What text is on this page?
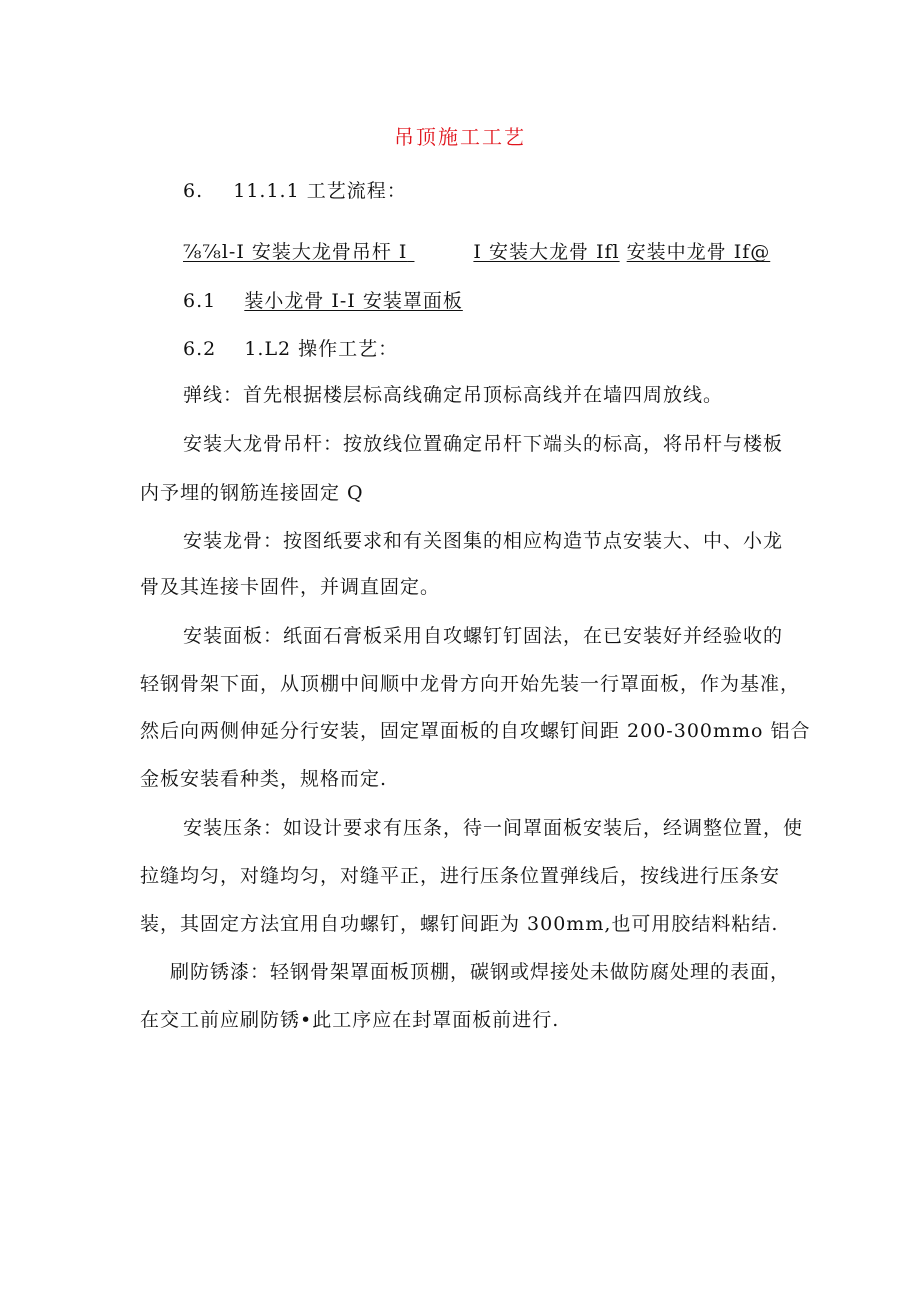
吊顶施工工艺
6. 11.1.1 工艺流程：
⅞⅞l-I 安装大龙骨吊杆 I	I 安装大龙骨 Ifl 安装中龙骨 If@
6.1 装小龙骨 I-I 安装罩面板
6.2 1.L2 操作工艺：
弹线：首先根据楼层标高线确定吊顶标高线并在墙四周放线。
安装大龙骨吊杆：按放线位置确定吊杆下端头的标高，将吊杆与楼板
内予埋的钢筋连接固定 Q
安装龙骨：按图纸要求和有关图集的相应构造节点安装大、中、小龙
骨及其连接卡固件，并调直固定。
安装面板：纸面石膏板采用自攻螺钉钉固法，在已安装好并经验收的
轻钢骨架下面，从顶棚中间顺中龙骨方向开始先装一行罩面板，作为基准，
然后向两侧伸延分行安装，固定罩面板的自攻螺钉间距 200-300mmo 铝合
金板安装看种类，规格而定.
安装压条：如设计要求有压条，待一间罩面板安装后，经调整位置，使
拉缝均匀，对缝均匀，对缝平正，进行压条位置弹线后，按线进行压条安
装，其固定方法宜用自功螺钉，螺钉间距为 300mm,也可用胶结料粘结.
刷防锈漆：轻钢骨架罩面板顶棚，碳钢或焊接处未做防腐处理的表面，
在交工前应刷防锈•此工序应在封罩面板前进行.
